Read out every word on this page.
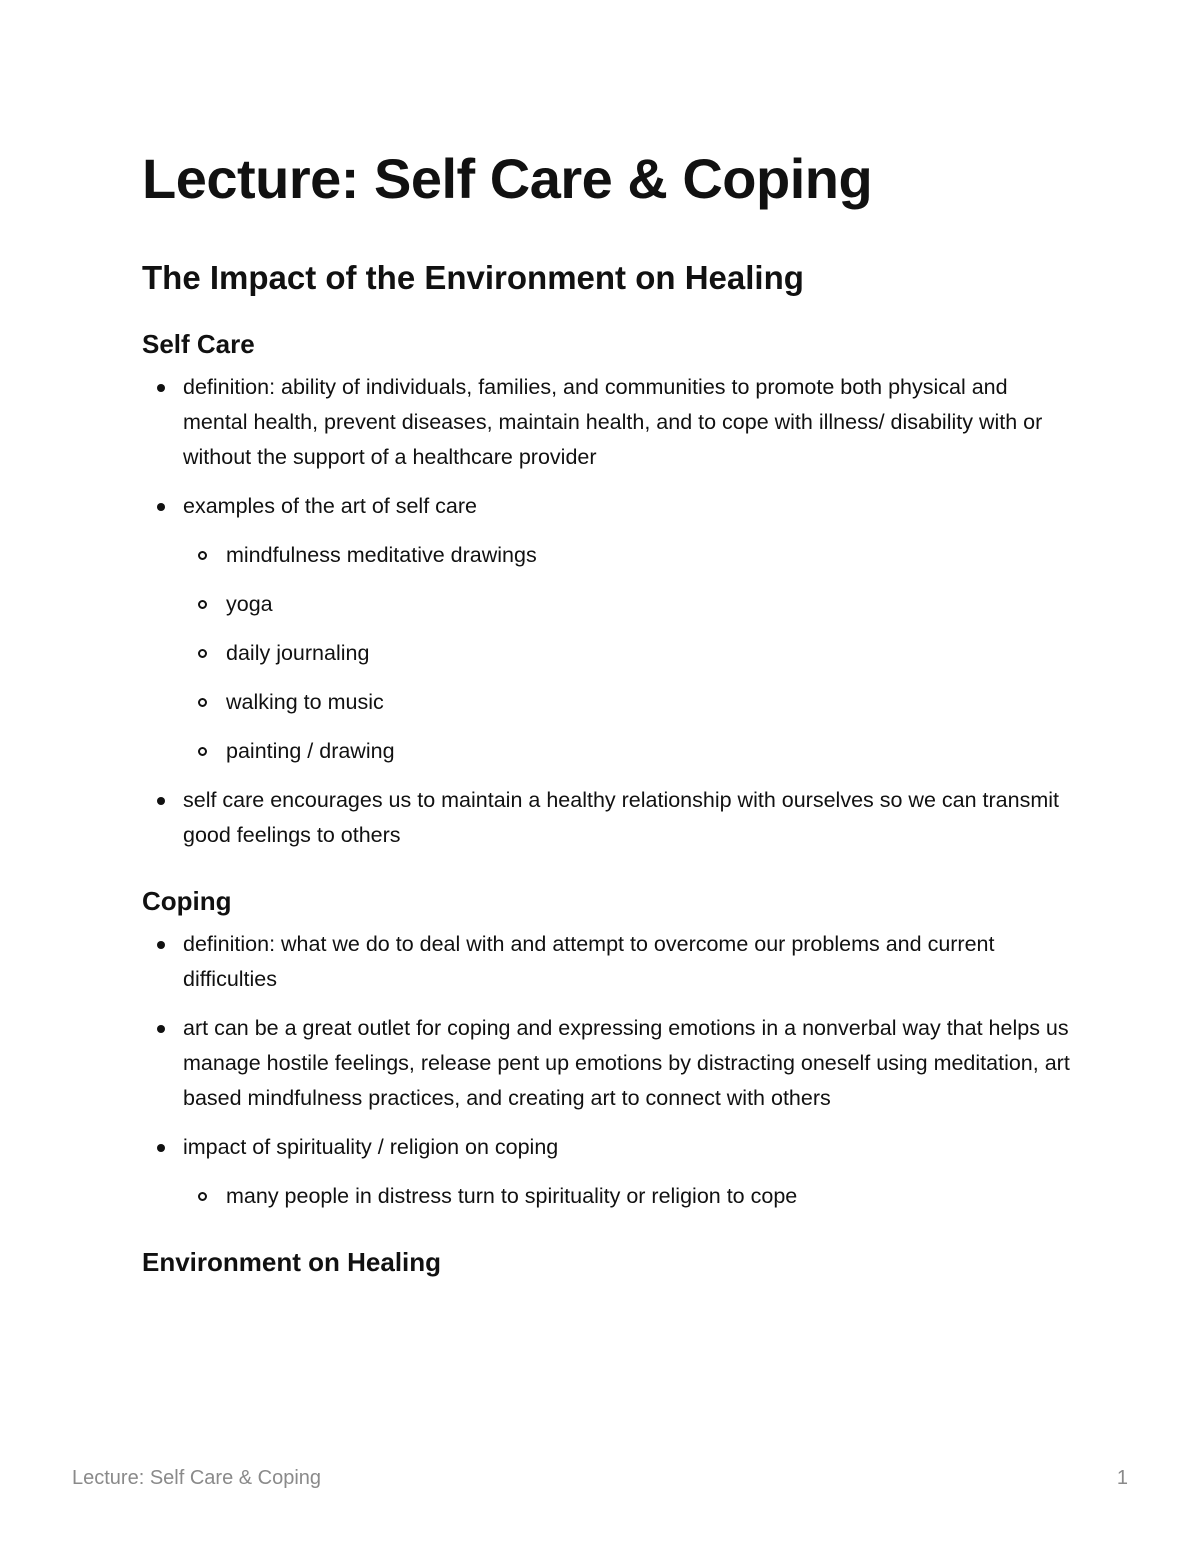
Lecture: Self Care & Coping
The Impact of the Environment on Healing
Self Care
definition: ability of individuals, families, and communities to promote both physical and mental health, prevent diseases, maintain health, and to cope with illness/ disability with or without the support of a healthcare provider
examples of the art of self care
mindfulness meditative drawings
yoga
daily journaling
walking to music
painting / drawing
self care encourages us to maintain a healthy relationship with ourselves so we can transmit good feelings to others
Coping
definition: what we do to deal with and attempt to overcome our problems and current difficulties
art can be a great outlet for coping and expressing emotions in a nonverbal way that helps us manage hostile feelings, release pent up emotions by distracting oneself using meditation, art based mindfulness practices, and creating art to connect with others
impact of spirituality / religion on coping
many people in distress turn to spirituality or religion to cope
Environment on Healing
Lecture: Self Care & Coping	1
